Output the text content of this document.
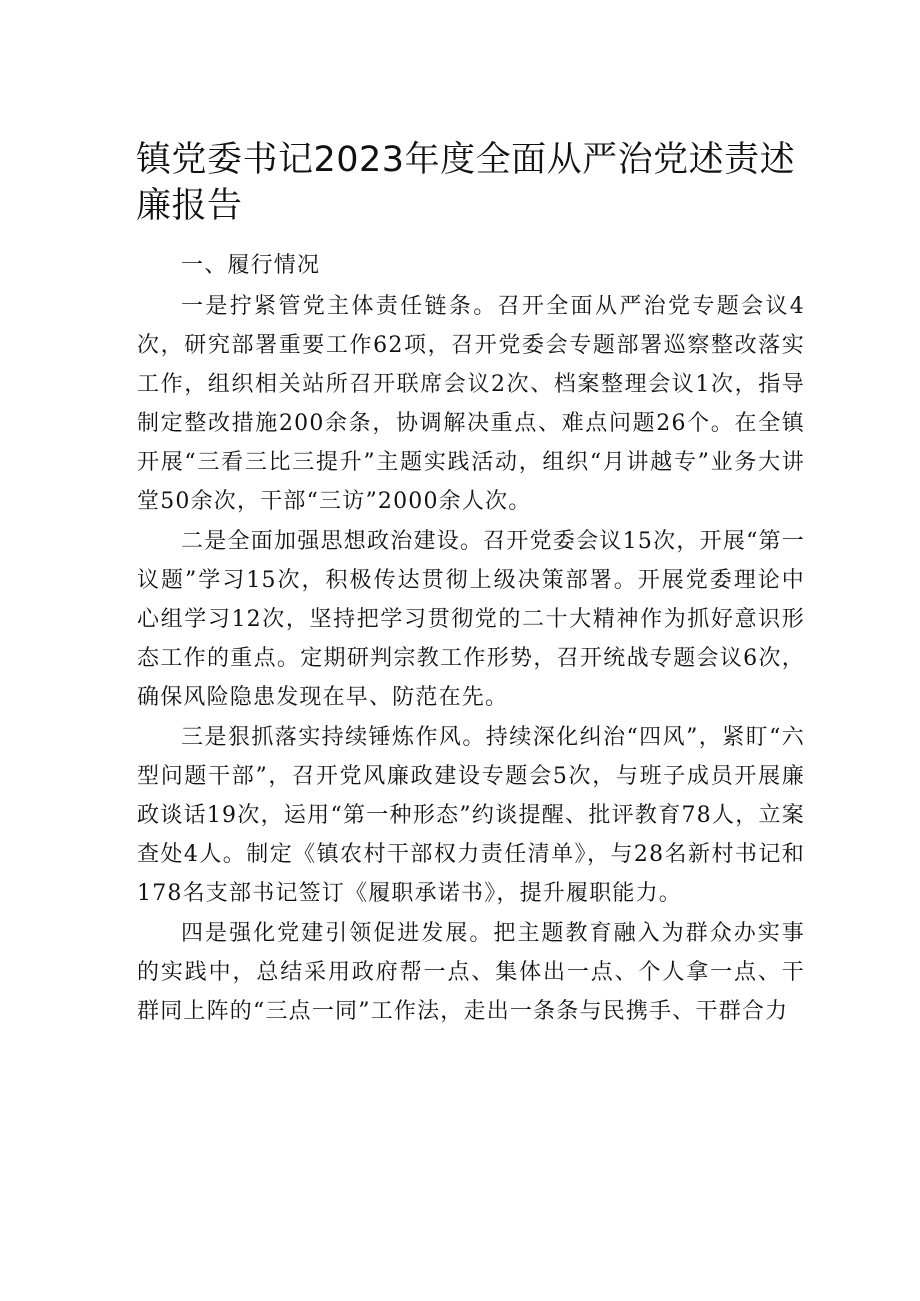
镇党委书记2023年度全面从严治党述责述廉报告

一、履行情况

一是拧紧管党主体责任链条。召开全面从严治党专题会议4次，研究部署重要工作62项，召开党委会专题部署巡察整改落实工作，组织相关站所召开联席会议2次、档案整理会议1次，指导制定整改措施200余条，协调解决重点、难点问题26个。在全镇开展“三看三比三提升”主题实践活动，组织“月讲越专”业务大讲堂50余次，干部“三访”2000余人次。

二是全面加强思想政治建设。召开党委会议15次，开展“第一议题”学习15次，积极传达贯彻上级决策部署。开展党委理论中心组学习12次，坚持把学习贯彻党的二十大精神作为抓好意识形态工作的重点。定期研判宗教工作形势，召开统战专题会议6次，确保风险隐患发现在早、防范在先。

三是狠抓落实持续锤炼作风。持续深化纠治“四风”，紧盯“六型问题干部”，召开党风廉政建设专题会5次，与班子成员开展廉政谈话19次，运用“第一种形态”约谈提醒、批评教育78人，立案查处4人。制定《镇农村干部权力责任清单》，与28名新村书记和178名支部书记签订《履职承诺书》，提升履职能力。

四是强化党建引领促进发展。把主题教育融入为群众办实事的实践中，总结采用政府帮一点、集体出一点、个人拿一点、干群同上阵的“三点一同”工作法，走出一条条与民携手、干群合力
